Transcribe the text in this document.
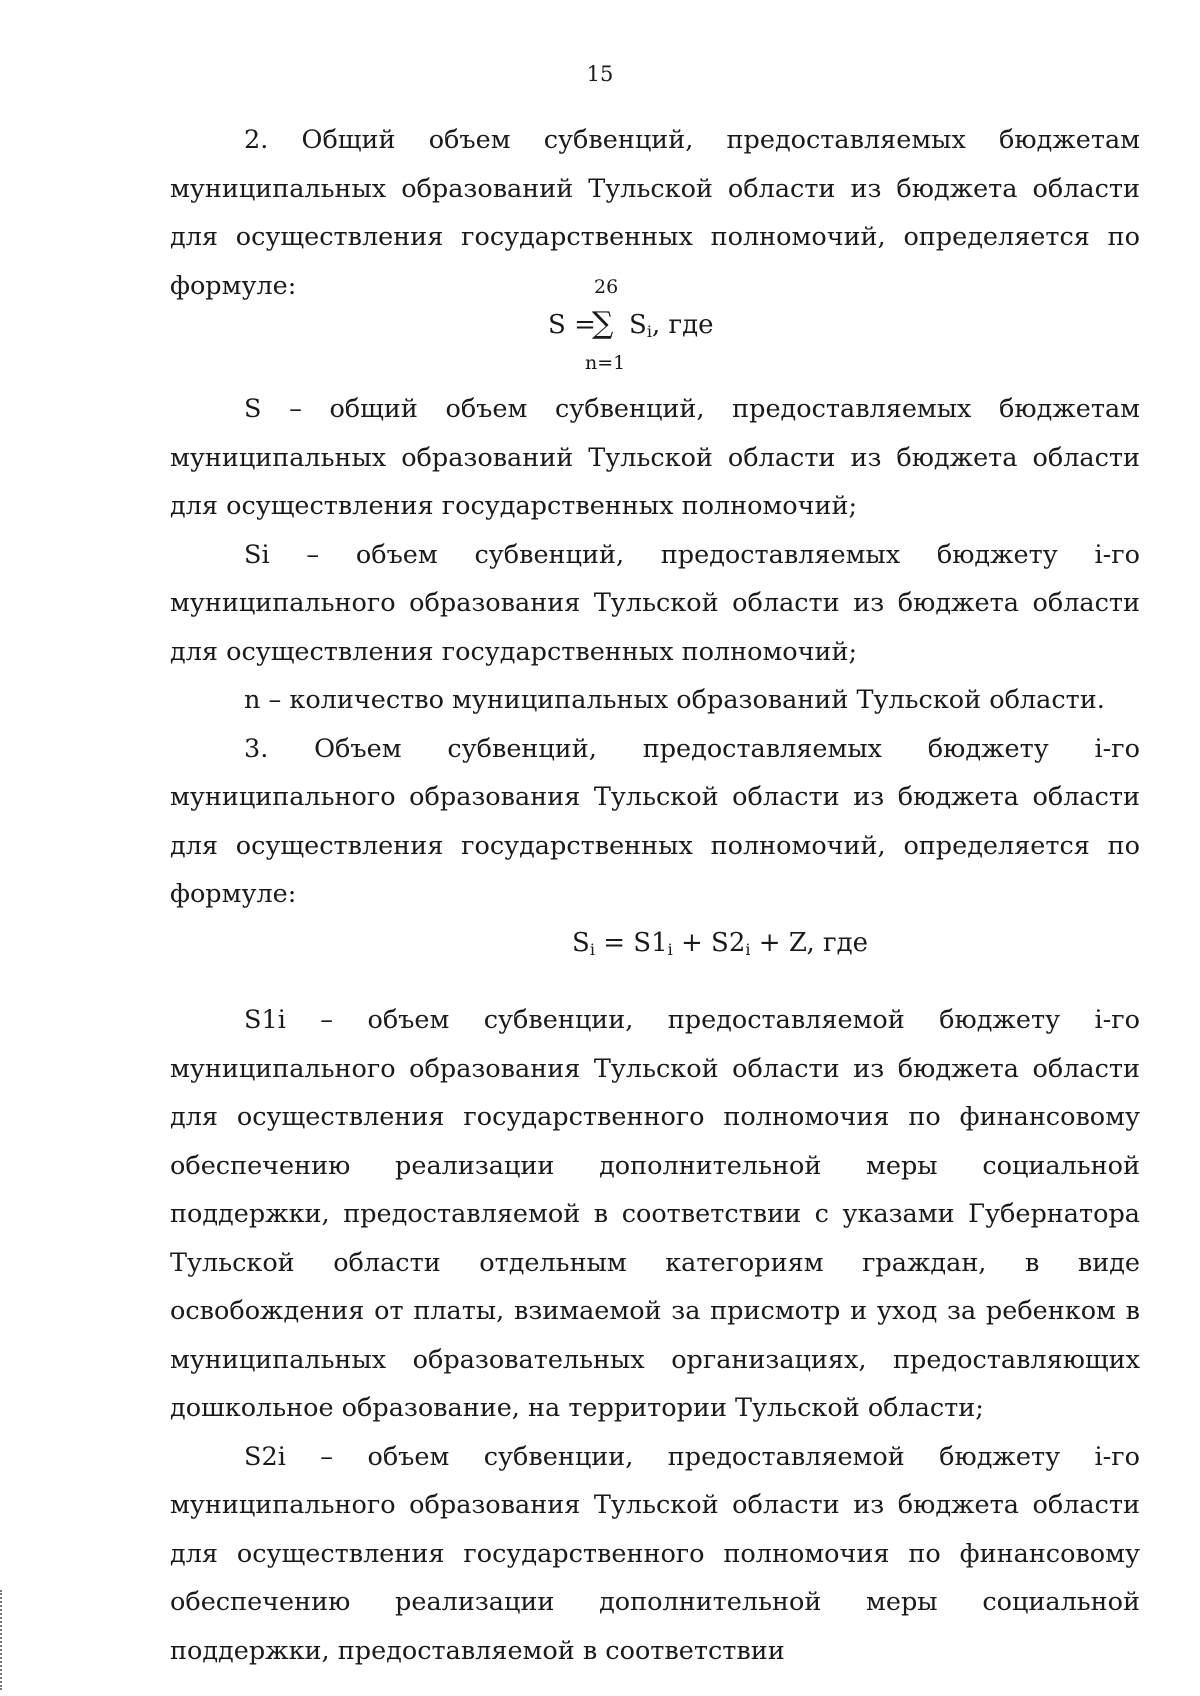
15

2. Общий объем субвенций, предоставляемых бюджетам муниципальных образований Тульской области из бюджета области для осуществления государственных полномочий, определяется по формуле:	26
S =
∑ $S_i$, где
n=1

S – общий объем субвенций, предоставляемых бюджетам муниципальных образований Тульской области из бюджета области для осуществления государственных полномочий;

Si – объем субвенций, предоставляемых бюджету i-го муниципального образования Тульской области из бюджета области для осуществления государственных полномочий;

n – количество муниципальных образований Тульской области.

3. Объем субвенций, предоставляемых бюджету i-го муниципального образования Тульской области из бюджета области для осуществления государственных полномочий, определяется по формуле:

$S_i = S1_i + S2_i + Z$, где

S1i – объем субвенции, предоставляемой бюджету i-го муниципального образования Тульской области из бюджета области для осуществления государственного полномочия по финансовому обеспечению реализации дополнительной меры социальной поддержки, предоставляемой в соответствии с указами Губернатора Тульской области отдельным категориям граждан, в виде освобождения от платы, взимаемой за присмотр и уход за ребенком в муниципальных образовательных организациях, предоставляющих дошкольное образование, на территории Тульской области;

S2i – объем субвенции, предоставляемой бюджету i-го муниципального образования Тульской области из бюджета области для осуществления государственного полномочия по финансовому обеспечению реализации дополнительной меры социальной поддержки, предоставляемой в соответствии
